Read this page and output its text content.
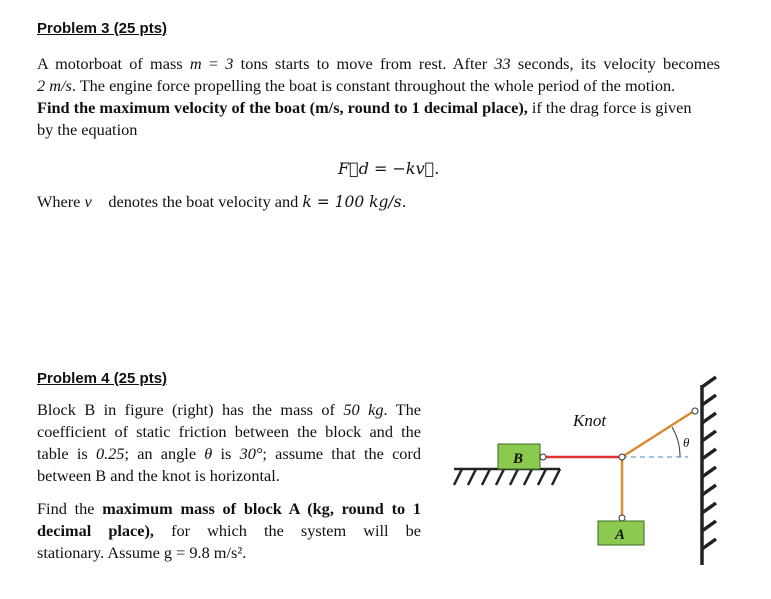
Problem 3 (25 pts)
A motorboat of mass m = 3 tons starts to move from rest. After 33 seconds, its velocity becomes
2 m/s. The engine force propelling the boat is constant throughout the whole period of the motion.
Find the maximum velocity of the boat (m/s, round to 1 decimal place), if the drag force is given
by the equation
F⃗d = −kv⃗.
Where v⃗ denotes the boat velocity and k = 100 kg/s.
Problem 4 (25 pts)
Block B in figure (right) has the mass of 50 kg. The
coefficient of static friction between the block and the
table is 0.25; an angle θ is 30°; assume that the cord
between B and the knot is horizontal.
Find the maximum mass of block A (kg, round to 1
decimal place), for which the system will be
stationary. Assume g = 9.8 m/s².
B
A
Knot
θ
